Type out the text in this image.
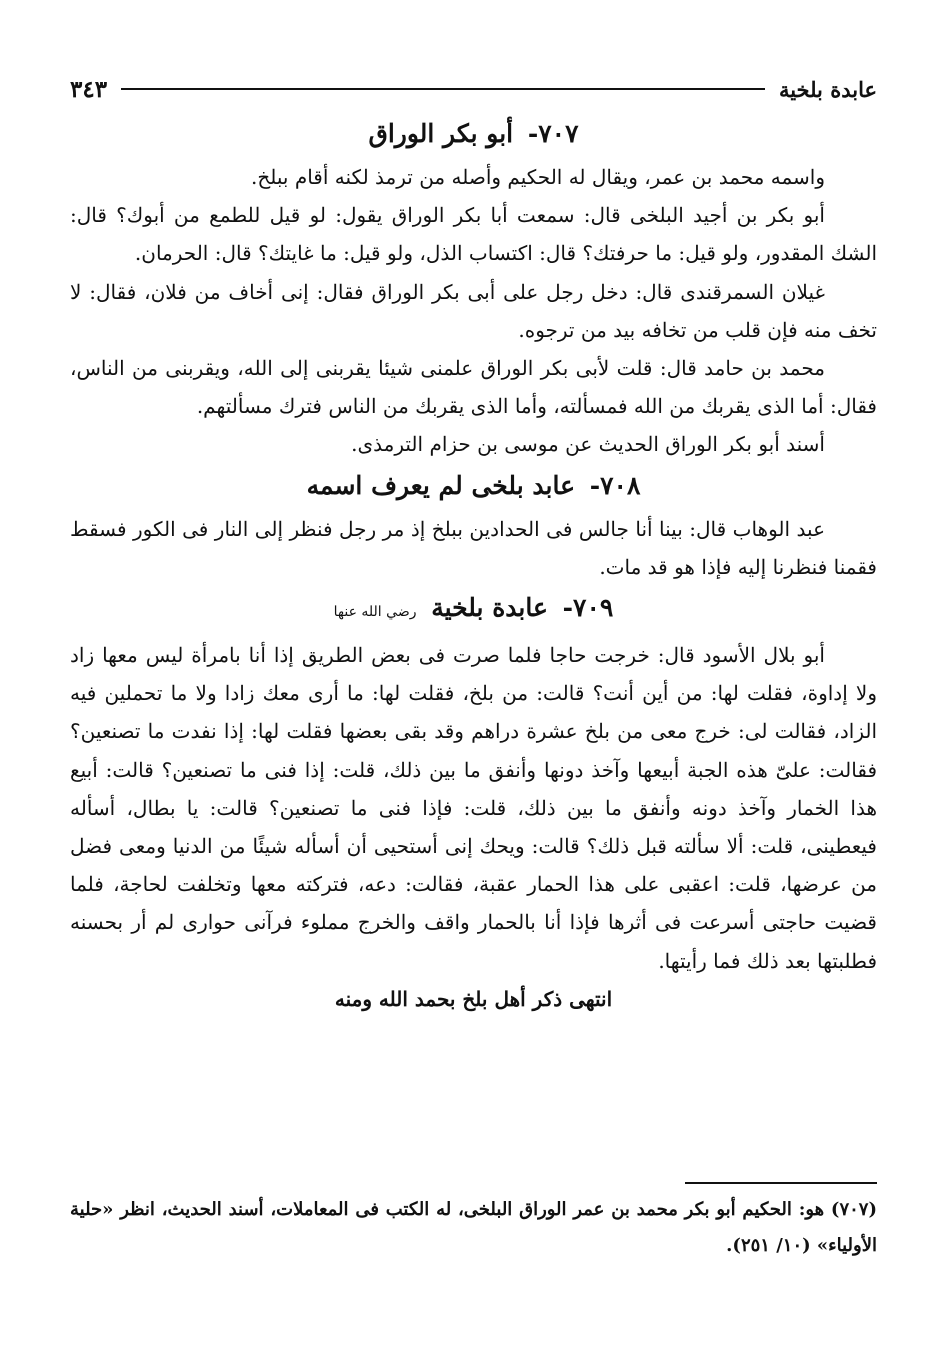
عابدة بلخية
٣٤٣
٧٠٧- أبو بكر الوراق

واسمه محمد بن عمر، ويقال له الحكيم وأصله من ترمذ لكنه أقام ببلخ.

أبو بكر بن أجيد البلخى قال: سمعت أبا بكر الوراق يقول: لو قيل للطمع من أبوك؟ قال: الشك المقدور، ولو قيل: ما حرفتك؟ قال: اكتساب الذل، ولو قيل: ما غايتك؟ قال: الحرمان.

غيلان السمرقندى قال: دخل رجل على أبى بكر الوراق فقال: إنى أخاف من فلان، فقال: لا تخف منه فإن قلب من تخافه بيد من ترجوه.

محمد بن حامد قال: قلت لأبى بكر الوراق علمنى شيئا يقربنى إلى الله، ويقربنى من الناس، فقال: أما الذى يقربك من الله فمسألته، وأما الذى يقربك من الناس فترك مسألتهم.

أسند أبو بكر الوراق الحديث عن موسى بن حزام الترمذى.

٧٠٨- عابد بلخى لم يعرف اسمه

عبد الوهاب قال: بينا أنا جالس فى الحدادين ببلخ إذ مر رجل فنظر إلى النار فى الكور فسقط فقمنا فنظرنا إليه فإذا هو قد مات.

٧٠٩- عابدة بلخية رضي الله عنها

أبو بلال الأسود قال: خرجت حاجا فلما صرت فى بعض الطريق إذا أنا بامرأة ليس معها زاد ولا إداوة، فقلت لها: من أين أنت؟ قالت: من بلخ، فقلت لها: ما أرى معك زادا ولا ما تحملين فيه الزاد، فقالت لى: خرج معى من بلخ عشرة دراهم وقد بقى بعضها فقلت لها: إذا نفدت ما تصنعين؟ فقالت: علىّ هذه الجبة أبيعها وآخذ دونها وأنفق ما بين ذلك، قلت: إذا فنى ما تصنعين؟ قالت: أبيع هذا الخمار وآخذ دونه وأنفق ما بين ذلك، قلت: فإذا فنى ما تصنعين؟ قالت: يا بطال، أسأله فيعطينى، قلت: ألا سألته قبل ذلك؟ قالت: ويحك إنى أستحيى أن أسأله شيئًا من الدنيا ومعى فضل من عرضها، قلت: اعقبى على هذا الحمار عقبة، فقالت: دعه، فتركته معها وتخلفت لحاجة، فلما قضيت حاجتى أسرعت فى أثرها فإذا أنا بالحمار واقف والخرج مملوء فرآنى حوارى لم أر بحسنه فطلبتها بعد ذلك فما رأيتها.

انتهى ذكر أهل بلخ بحمد الله ومنه

(٧٠٧) هو: الحكيم أبو بكر محمد بن عمر الوراق البلخى، له الكتب فى المعاملات، أسند الحديث، انظر «حلية الأولياء» (١٠/ ٢٥١).
